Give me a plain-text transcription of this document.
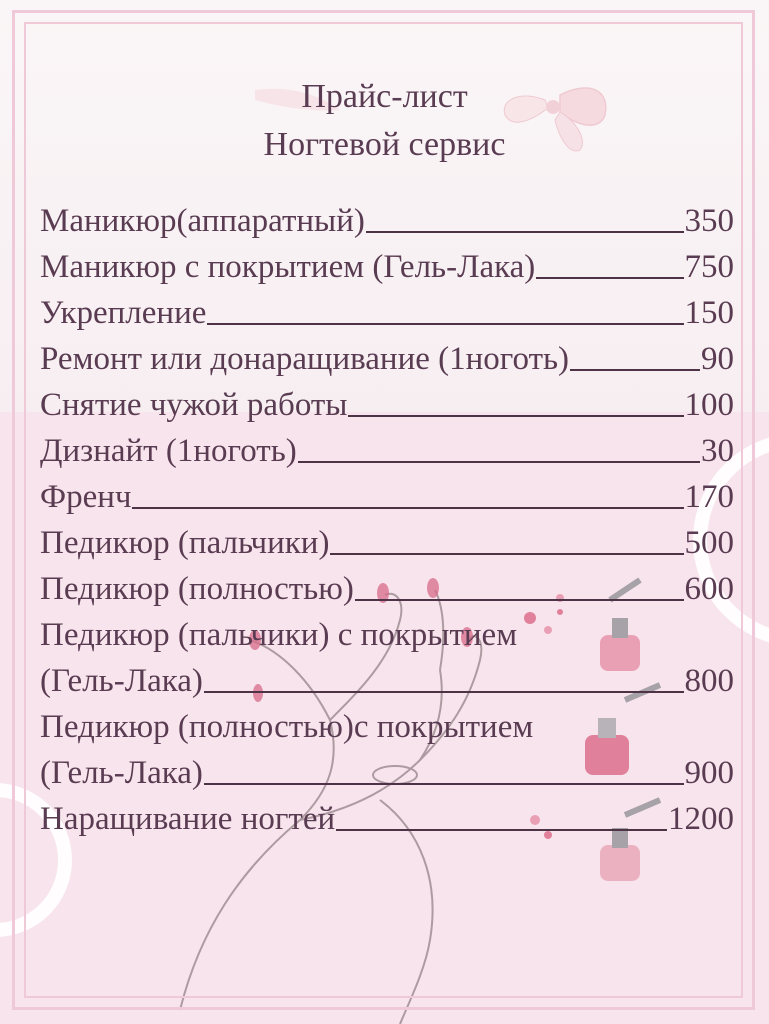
Прайс-лист
Ногтевой сервис
Маникюр(аппаратный)	350
Маникюр с покрытием (Гель-Лака)	750
Укрепление	150
Ремонт или донаращивание (1ноготь)	90
Снятие чужой работы	100
Дизнайт (1ноготь)	30
Френч	170
Педикюр (пальчики)	500
Педикюр (полностью)	600
Педикюр (пальчики) с покрытием
(Гель-Лака)	800
Педикюр (полностью)с покрытием
(Гель-Лака)	900
Наращивание ногтей	1200
